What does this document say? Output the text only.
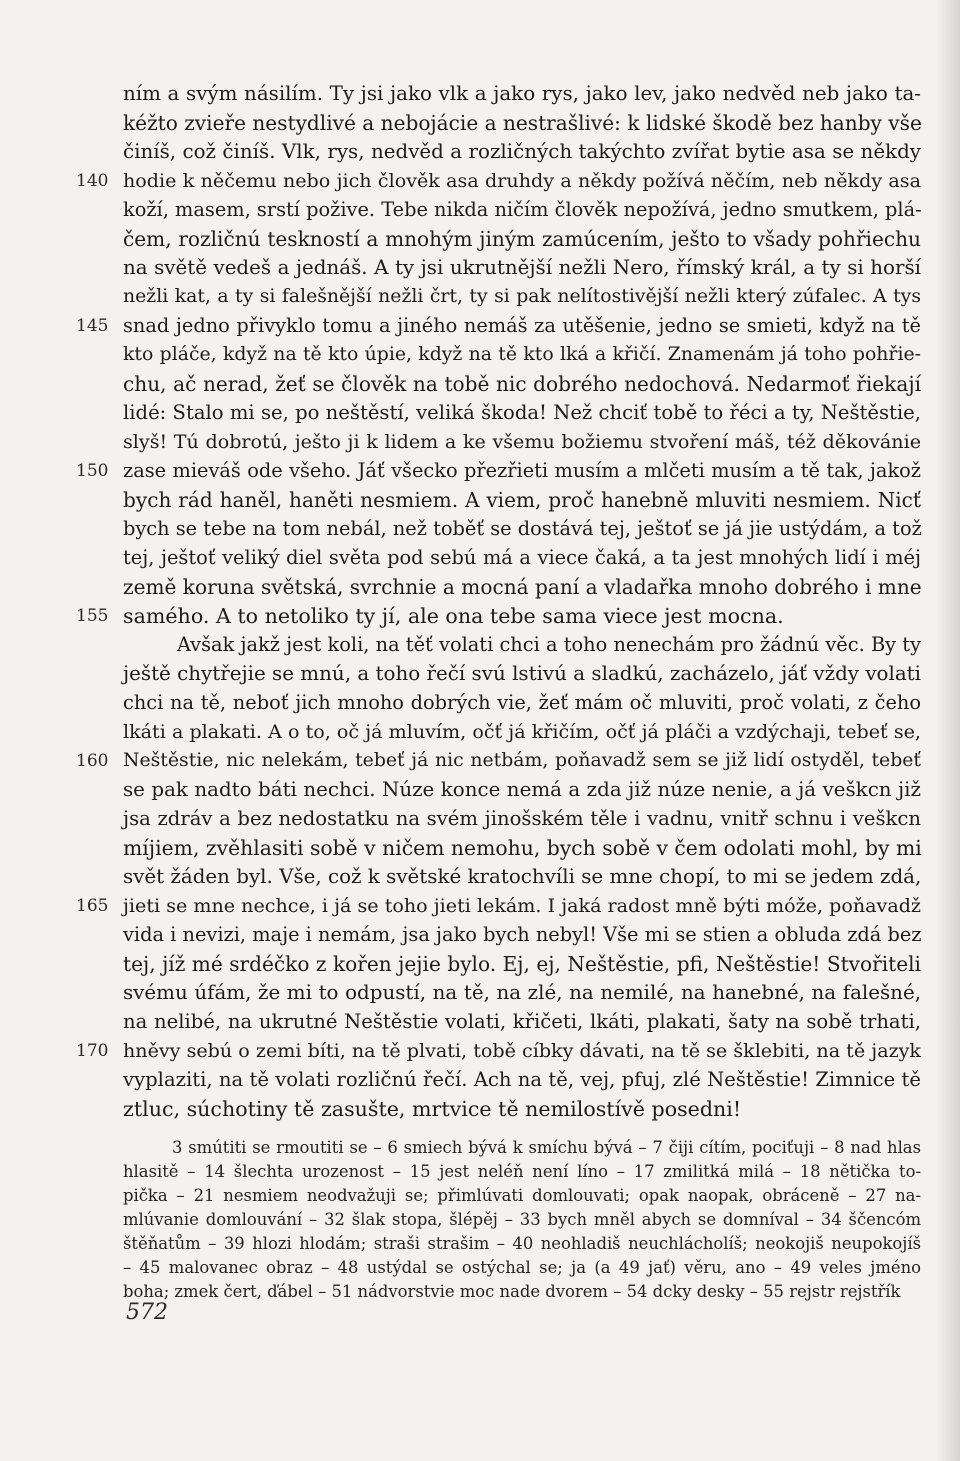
ním a svým násilím. Ty jsi jako vlk a jako rys, jako lev, jako nedvěd neb jako ta-
kéžto zvieře nestydlivé a nebojácie a nestrašlivé: k lidské škodě bez hanby vše
činíš, což činíš. Vlk, rys, nedvěd a rozličných takýchto zvířat bytie asa se někdy
hodie k něčemu nebo jich člověk asa druhdy a někdy požívá něčím, neb někdy asa
koží, masem, srstí požive. Tebe nikda ničím člověk nepožívá, jedno smutkem, plá-
čem, rozličnú teskností a mnohým jiným zamúcením, ješto to všady pohřiechu
na světě vedeš a jednáš. A ty jsi ukrutnější nežli Nero, římský král, a ty si horší
nežli kat, a ty si falešnější nežli črt, ty si pak nelítostivější nežli který zúfalec. A tys
snad jedno přivyklo tomu a jiného nemáš za utěšenie, jedno se smieti, když na tě
kto pláče, když na tě kto úpie, když na tě kto lká a křičí. Znamenám já toho pohřie-
chu, ač nerad, žeť se člověk na tobě nic dobrého nedochová. Nedarmoť řiekají
lidé: Stalo mi se, po neštěstí, veliká škoda! Než chciť tobě to řéci a ty, Neštěstie,
slyš! Tú dobrotú, ješto ji k lidem a ke všemu božiemu stvoření máš, též děkovánie
zase mieváš ode všeho. Jáť všecko přezřieti musím a mlčeti musím a tě tak, jakož
bych rád haněl, haněti nesmiem. A viem, proč hanebně mluviti nesmiem. Nicť
bych se tebe na tom nebál, než toběť se dostává tej, ještoť se já jie ustýdám, a tož
tej, ještoť veliký diel světa pod sebú má a viece čaká, a ta jest mnohých lidí i méj
země koruna světská, svrchnie a mocná paní a vladařka mnoho dobrého i mne
samého. A to netoliko ty jí, ale ona tebe sama viece jest mocna.
Avšak jakž jest koli, na těť volati chci a toho nenechám pro žádnú věc. By ty
ještě chytřejie se mnú, a toho řečí svú lstivú a sladkú, zacházelo, jáť vždy volati
chci na tě, neboť jich mnoho dobrých vie, žeť mám oč mluviti, proč volati, z čeho
lkáti a plakati. A o to, oč já mluvím, očť já křičím, očť já pláči a vzdýchaji, tebeť se,
Neštěstie, nic nelekám, tebeť já nic netbám, poňavadž sem se již lidí ostyděl, tebeť
se pak nadto báti nechci. Núze konce nemá a zda již núze nenie, a já veškcn již
jsa zdráv a bez nedostatku na svém jinošském těle i vadnu, vnitř schnu i veškcn
míjiem, zvěhlasiti sobě v ničem nemohu, bych sobě v čem odolati mohl, by mi
svět žáden byl. Vše, což k světské kratochvíli se mne chopí, to mi se jedem zdá,
jieti se mne nechce, i já se toho jieti lekám. I jaká radost mně býti móže, poňavadž
vida i nevizi, maje i nemám, jsa jako bych nebyl! Vše mi se stien a obluda zdá bez
tej, jíž mé srdéčko z kořen jejie bylo. Ej, ej, Neštěstie, pfi, Neštěstie! Stvořiteli
svému úfám, že mi to odpustí, na tě, na zlé, na nemilé, na hanebné, na falešné,
na nelibé, na ukrutné Neštěstie volati, křičeti, lkáti, plakati, šaty na sobě trhati,
hněvy sebú o zemi bíti, na tě plvati, tobě cíbky dávati, na tě se šklebiti, na tě jazyk
vyplaziti, na tě volati rozličnú řečí. Ach na tě, vej, pfuj, zlé Neštěstie! Zimnice tě
ztluc, súchotiny tě zasušte, mrtvice tě nemilostívě posedni!
140
145
150
155
160
165
170
3 smútiti se rmoutiti se – 6 smiech bývá k smíchu bývá – 7 čiji cítím, pociťuji – 8 nad hlas
hlasitě – 14 šlechta urozenost – 15 jest neléň není líno – 17 zmilitká milá – 18 nětička to-
pička – 21 nesmiem neodvažuji se; přimlúvati domlouvati; opak naopak, obráceně – 27 na-
mlúvanie domlouvání – 32 šlak stopa, šlépěj – 33 bych mněl abych se domníval – 34 ščencóm
štěňatům – 39 hlozi hlodám; straši strašim – 40 neohladiš neuchlácholíš; neokojiš neupokojíš
– 45 malovanec obraz – 48 ustýdal se ostýchal se; ja (a 49 jať) věru, ano – 49 veles jméno
boha; zmek čert, ďábel – 51 nádvorstvie moc nade dvorem – 54 dcky desky – 55 rejstr rejstřík
572
